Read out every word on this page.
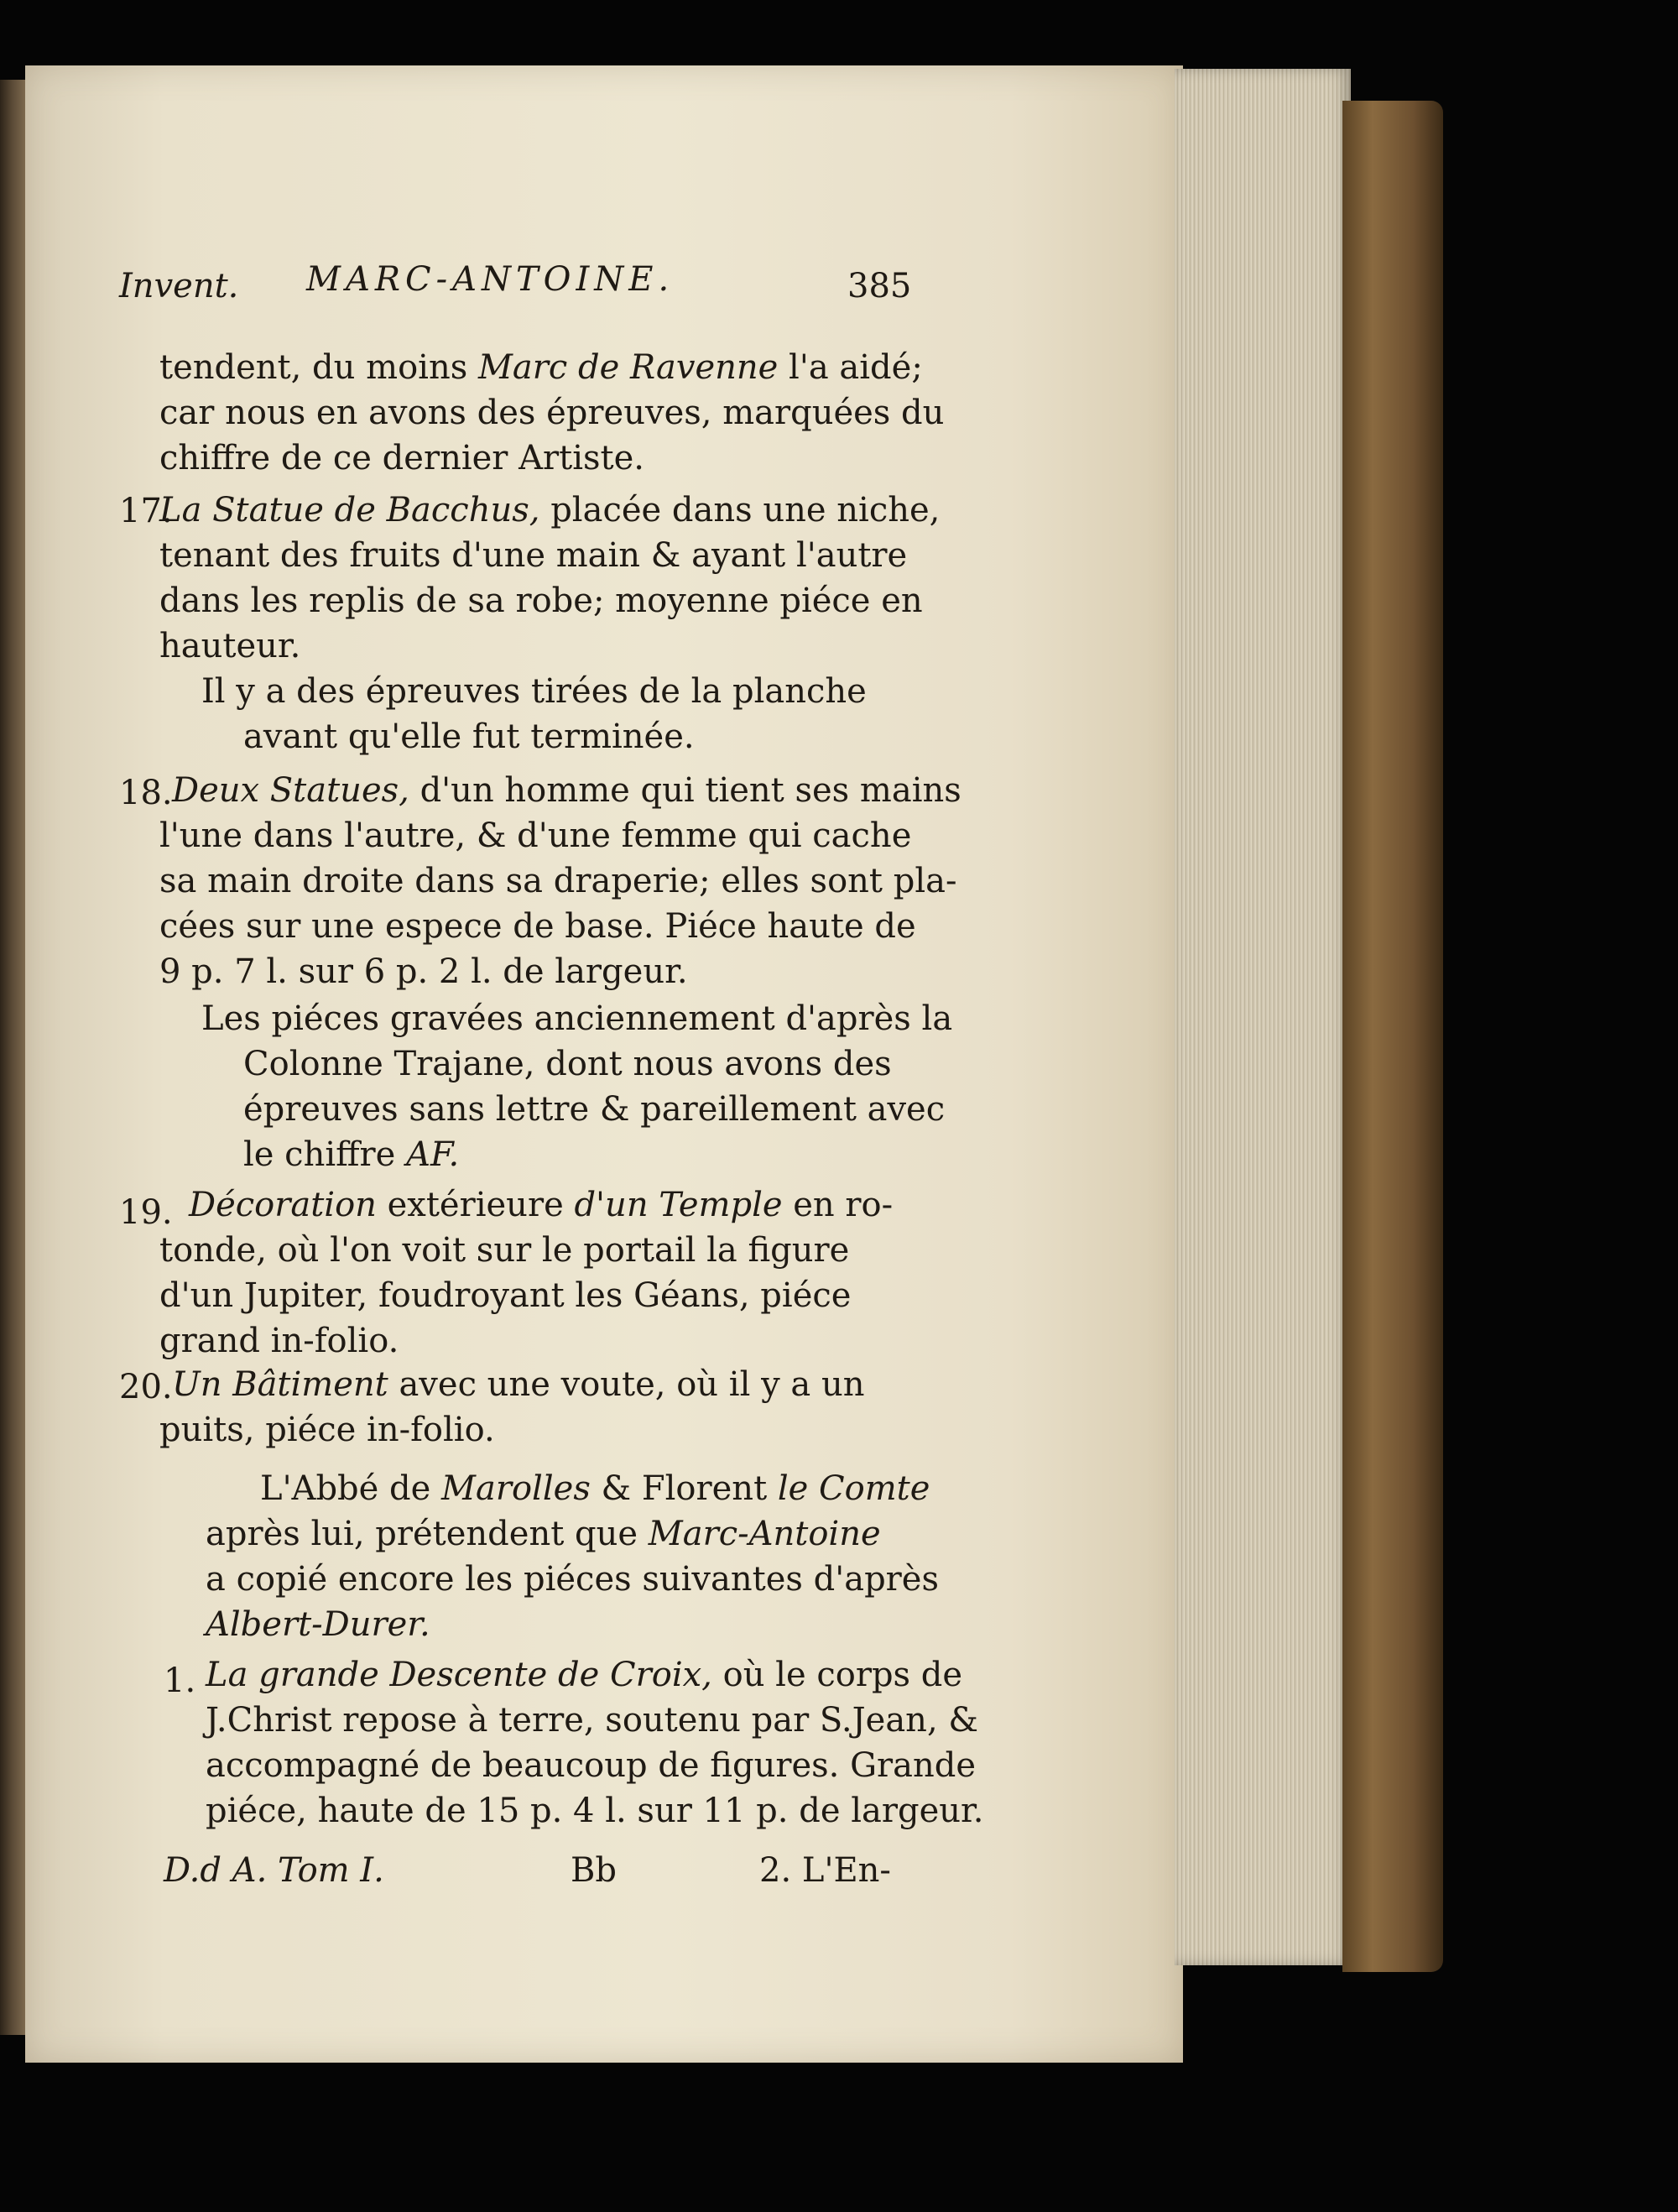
Invent. MARC-ANTOINE.	385
tendent, du moins Marc de Ravenne l'a aidé;
car nous en avons des épreuves, marquées du
chiffre de ce dernier Artiste.
17.
La Statue de Bacchus, placée dans une niche,
tenant des fruits d'une main & ayant l'autre
dans les replis de sa robe; moyenne piéce en
hauteur.
Il y a des épreuves tirées de la planche
avant qu'elle fut terminée.
18. Deux Statues, d'un homme qui tient ses mains
l'une dans l'autre, & d'une femme qui cache
sa main droite dans sa draperie; elles sont pla-
cées sur une espece de base. Piéce haute de
9 p. 7 l. sur 6 p. 2 l. de largeur.
Les piéces gravées anciennement d'après la
Colonne Trajane, dont nous avons des
épreuves sans lettre & pareillement avec
le chiffre AF.
19. Décoration extérieure d'un Temple en ro-
tonde, où l'on voit sur le portail la figure
d'un Jupiter, foudroyant les Géans, piéce
grand in-folio.
20. Un Bâtiment avec une voute, où il y a un
puits, piéce in-folio.
L'Abbé de Marolles & Florent le Comte
après lui, prétendent que Marc-Antoine
a copié encore les piéces suivantes d'après
Albert-Durer.
1. La grande Descente de Croix, où le corps de
J.Christ repose à terre, soutenu par S.Jean, &
accompagné de beaucoup de figures. Grande
piéce, haute de 15 p. 4 l. sur 11 p. de largeur.
D.d A. Tom I.	Bb	2. L'En-
